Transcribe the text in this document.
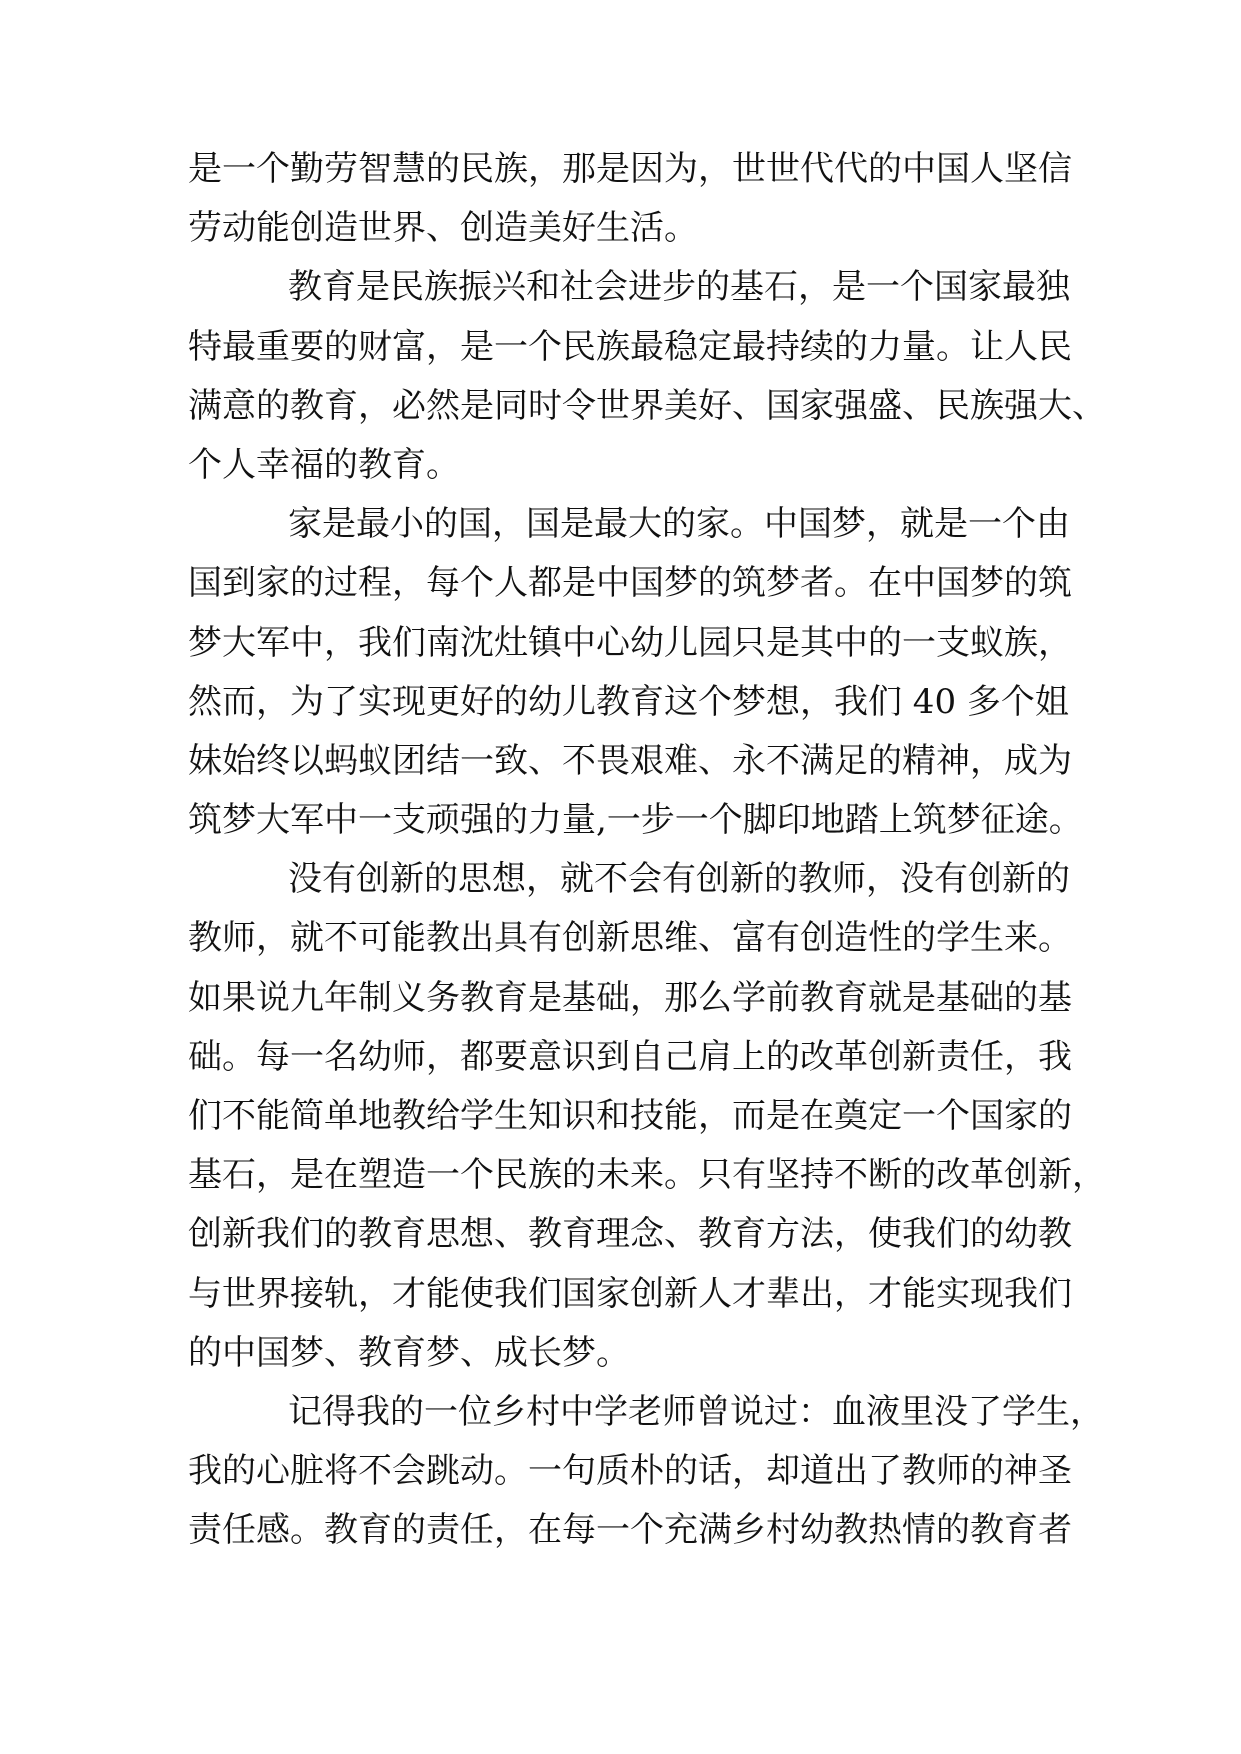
是一个勤劳智慧的民族，那是因为，世世代代的中国人坚信
劳动能创造世界、创造美好生活。
教育是民族振兴和社会进步的基石，是一个国家最独
特最重要的财富，是一个民族最稳定最持续的力量。让人民
满意的教育，必然是同时令世界美好、国家强盛、民族强大、
个人幸福的教育。
家是最小的国，国是最大的家。中国梦，就是一个由
国到家的过程，每个人都是中国梦的筑梦者。在中国梦的筑
梦大军中，我们南沈灶镇中心幼儿园只是其中的一支蚁族，
然而，为了实现更好的幼儿教育这个梦想，我们 40 多个姐
妹始终以蚂蚁团结一致、不畏艰难、永不满足的精神，成为
筑梦大军中一支顽强的力量,一步一个脚印地踏上筑梦征途。
没有创新的思想，就不会有创新的教师，没有创新的
教师，就不可能教出具有创新思维、富有创造性的学生来。
如果说九年制义务教育是基础，那么学前教育就是基础的基
础。每一名幼师，都要意识到自己肩上的改革创新责任，我
们不能简单地教给学生知识和技能，而是在奠定一个国家的
基石，是在塑造一个民族的未来。只有坚持不断的改革创新，
创新我们的教育思想、教育理念、教育方法，使我们的幼教
与世界接轨，才能使我们国家创新人才辈出，才能实现我们
的中国梦、教育梦、成长梦。
记得我的一位乡村中学老师曾说过：血液里没了学生，
我的心脏将不会跳动。一句质朴的话，却道出了教师的神圣
责任感。教育的责任，在每一个充满乡村幼教热情的教育者
